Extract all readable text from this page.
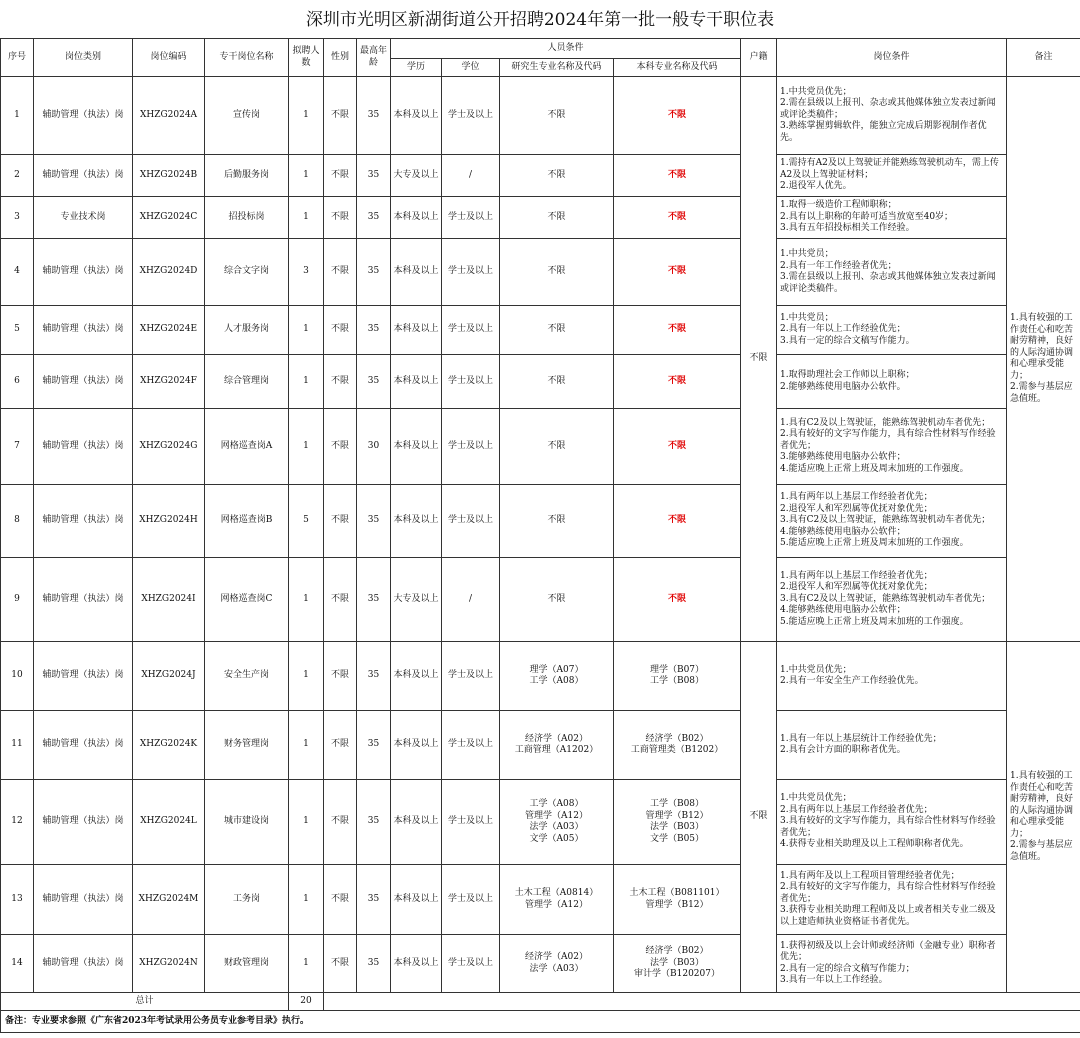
深圳市光明区新湖街道公开招聘2024年第一批一般专干职位表
序号	岗位类别	岗位编码	专干岗位名称	拟聘人数	性别	最高年龄	人员条件				户籍	岗位条件	备注
							学历	学位	研究生专业名称及代码	本科专业名称及代码			
1	辅助管理（执法）岗	XHZG2024A	宣传岗	1	不限	35	本科及以上	学士及以上	不限	不限	不限	1.中共党员优先；
2.需在县级以上报刊、杂志或其他媒体独立发表过新闻或评论类稿件；
3.熟练掌握剪辑软件，能独立完成后期影视制作者优先。	1.具有较强的工作责任心和吃苦耐劳精神，良好的人际沟通协调和心理承受能力；
2.需参与基层应急值班。

2	辅助管理（执法）岗	XHZG2024B	后勤服务岗	1	不限	35	大专及以上	/	不限	不限		1.需持有A2及以上驾驶证并能熟练驾驶机动车，需上传A2及以上驾驶证材料；
2.退役军人优先。	

3	专业技术岗	XHZG2024C	招投标岗	1	不限	35	本科及以上	学士及以上	不限	不限		1.取得一级造价工程师职称；
2.具有以上职称的年龄可适当放宽至40岁；
3.具有五年招投标相关工作经验。	

4	辅助管理（执法）岗	XHZG2024D	综合文字岗	3	不限	35	本科及以上	学士及以上	不限	不限		1.中共党员；
2.具有一年工作经验者优先；
3.需在县级以上报刊、杂志或其他媒体独立发表过新闻或评论类稿件。	

5	辅助管理（执法）岗	XHZG2024E	人才服务岗	1	不限	35	本科及以上	学士及以上	不限	不限		1.中共党员；
2.具有一年以上工作经验优先；
3.具有一定的综合文稿写作能力。	

6	辅助管理（执法）岗	XHZG2024F	综合管理岗	1	不限	35	本科及以上	学士及以上	不限	不限		1.取得助理社会工作师以上职称；
2.能够熟练使用电脑办公软件。	

7	辅助管理（执法）岗	XHZG2024G	网格巡查岗A	1	不限	30	本科及以上	学士及以上	不限	不限		1.具有C2及以上驾驶证，能熟练驾驶机动车者优先；
2.具有较好的文字写作能力，具有综合性材料写作经验者优先；
3.能够熟练使用电脑办公软件；
4.能适应晚上正常上班及周末加班的工作强度。	

8	辅助管理（执法）岗	XHZG2024H	网格巡查岗B	5	不限	35	本科及以上	学士及以上	不限	不限		1.具有两年以上基层工作经验者优先；
2.退役军人和军烈属等优抚对象优先；
3.具有C2及以上驾驶证，能熟练驾驶机动车者优先；
4.能够熟练使用电脑办公软件；
5.能适应晚上正常上班及周末加班的工作强度。	

9	辅助管理（执法）岗	XHZG2024I	网格巡查岗C	1	不限	35	大专及以上	/	不限	不限		1.具有两年以上基层工作经验者优先；
2.退役军人和军烈属等优抚对象优先；
3.具有C2及以上驾驶证，能熟练驾驶机动车者优先；
4.能够熟练使用电脑办公软件；
5.能适应晚上正常上班及周末加班的工作强度。	

10	辅助管理（执法）岗	XHZG2024J	安全生产岗	1	不限	35	本科及以上	学士及以上	理学（A07）
工学（A08）	理学（B07）
工学（B08）	不限	1.中共党员优先；
2.具有一年安全生产工作经验优先。	1.具有较强的工作责任心和吃苦耐劳精神，良好的人际沟通协调和心理承受能力；
2.需参与基层应急值班。

11	辅助管理（执法）岗	XHZG2024K	财务管理岗	1	不限	35	本科及以上	学士及以上	经济学（A02）
工商管理（A1202）	经济学（B02）
工商管理类（B1202）		1.具有一年以上基层统计工作经验优先；
2.具有会计方面的职称者优先。	

12	辅助管理（执法）岗	XHZG2024L	城市建设岗	1	不限	35	本科及以上	学士及以上	工学（A08）
管理学（A12）
法学（A03）
文学（A05）	工学（B08）
管理学（B12）
法学（B03）
文学（B05）		1.中共党员优先；
2.具有两年以上基层工作经验者优先；
3.具有较好的文字写作能力，具有综合性材料写作经验者优先；
4.获得专业相关助理及以上工程师职称者优先。	

13	辅助管理（执法）岗	XHZG2024M	工务岗	1	不限	35	本科及以上	学士及以上	土木工程（A0814）
管理学（A12）	土木工程（B081101）
管理学（B12）		1.具有两年及以上工程项目管理经验者优先；
2.具有较好的文字写作能力，具有综合性材料写作经验者优先；
3.获得专业相关助理工程师及以上或者相关专业二级及以上建造师执业资格证书者优先。	

14	辅助管理（执法）岗	XHZG2024N	财政管理岗	1	不限	35	本科及以上	学士及以上	经济学（A02）
法学（A03）	经济学（B02）
法学（B03）
审计学（B120207）		1.获得初级及以上会计师或经济师（金融专业）职称者优先；
2.具有一定的综合文稿写作能力；
3.具有一年以上工作经验。	

总计				20									
备注：专业要求参照《广东省2023年考试录用公务员专业参考目录》执行。													
